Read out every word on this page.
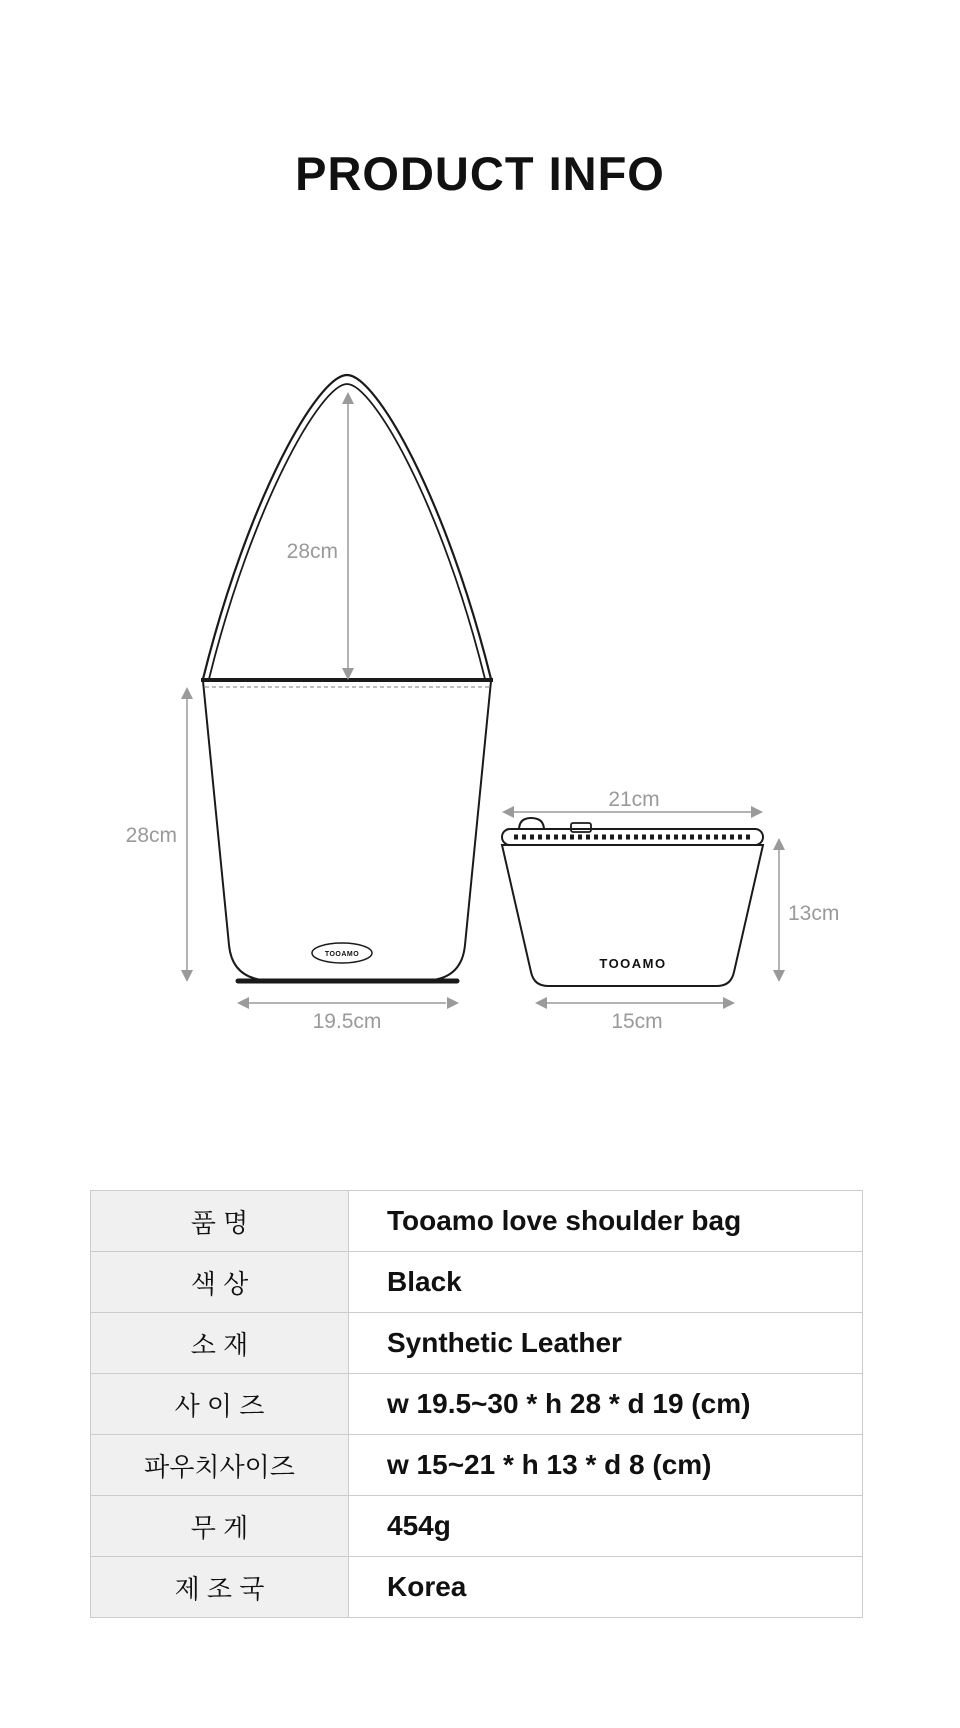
PRODUCT INFO
TOOAMO
28cm
28cm
19.5cm
TOOAMO
21cm
13cm
15cm
품 명	Tooamo love shoulder bag
색 상	Black
소 재	Synthetic Leather
사 이 즈	w 19.5~30 * h 28 * d 19 (cm)
파우치사이즈	w 15~21 * h 13 * d 8 (cm)
무 게	454g
제 조 국	Korea
